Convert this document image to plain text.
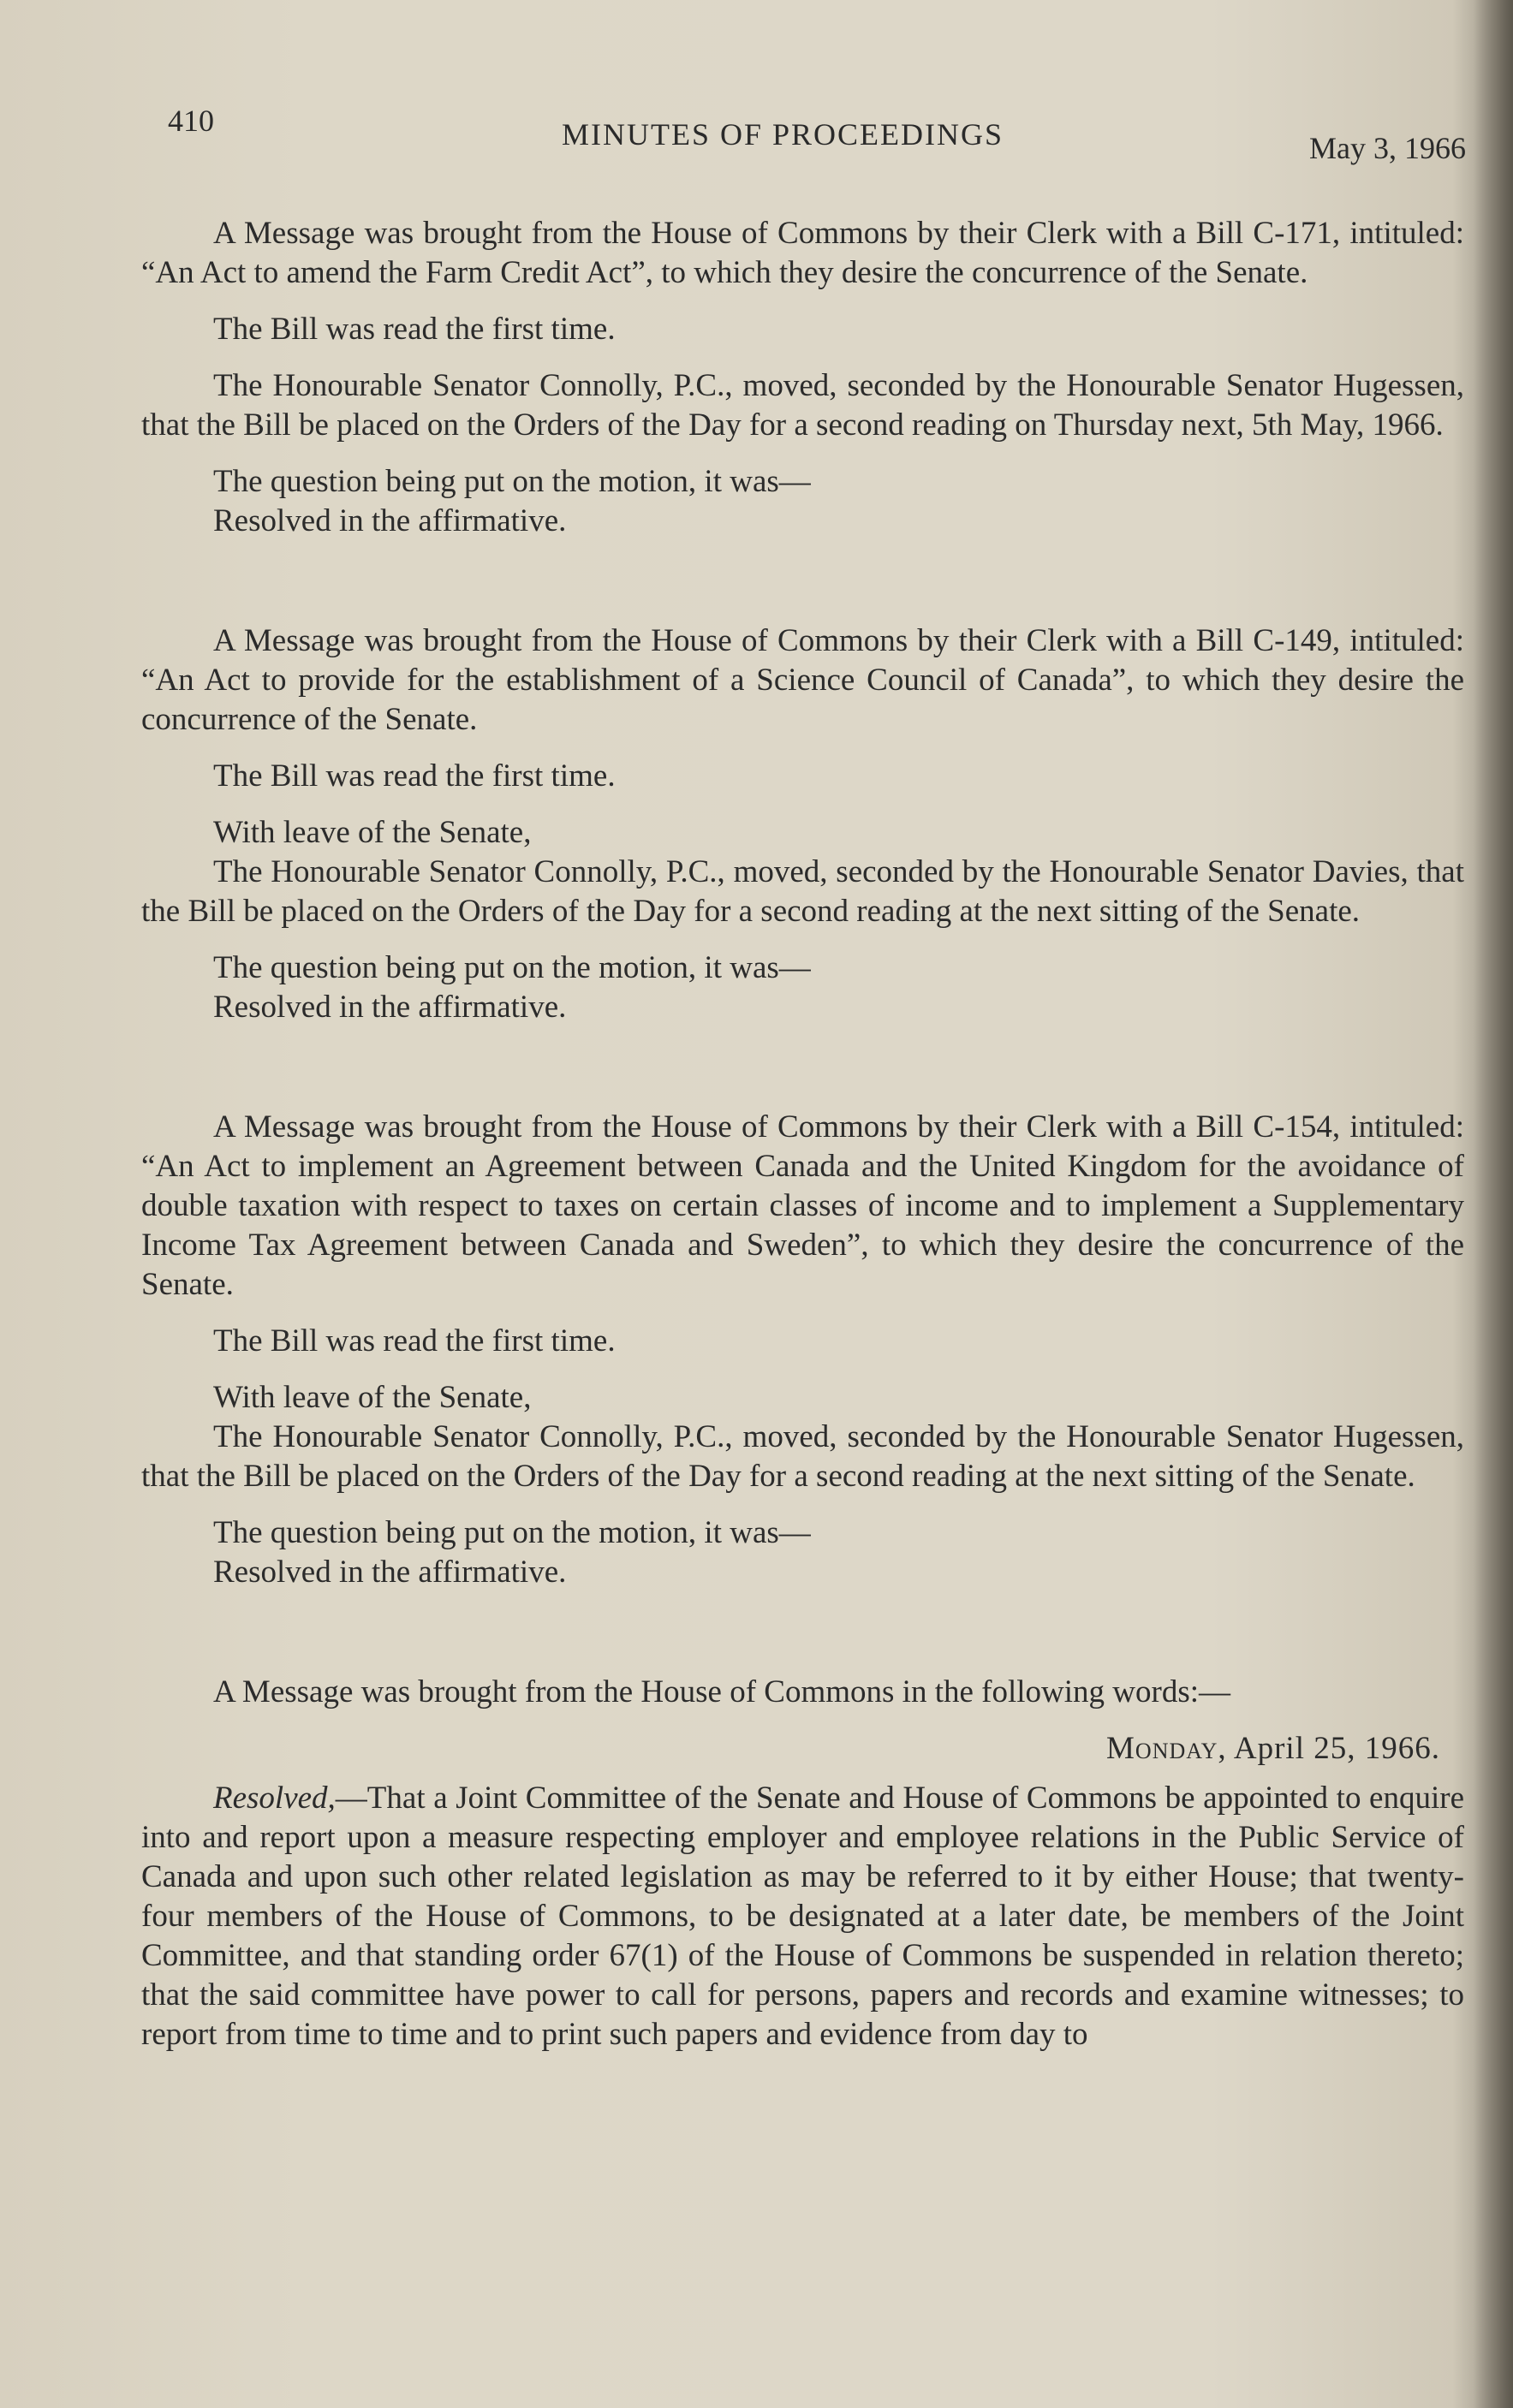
410	MINUTES OF PROCEEDINGS	May 3, 1966

A Message was brought from the House of Commons by their Clerk with a Bill C-171, intituled: “An Act to amend the Farm Credit Act”, to which they desire the concurrence of the Senate.

The Bill was read the first time.

The Honourable Senator Connolly, P.C., moved, seconded by the Honourable Senator Hugessen, that the Bill be placed on the Orders of the Day for a second reading on Thursday next, 5th May, 1966.

The question being put on the motion, it was—

Resolved in the affirmative.

A Message was brought from the House of Commons by their Clerk with a Bill C-149, intituled: “An Act to provide for the establishment of a Science Council of Canada”, to which they desire the concurrence of the Senate.

The Bill was read the first time.

With leave of the Senate,

The Honourable Senator Connolly, P.C., moved, seconded by the Honourable Senator Davies, that the Bill be placed on the Orders of the Day for a second reading at the next sitting of the Senate.

The question being put on the motion, it was—

Resolved in the affirmative.

A Message was brought from the House of Commons by their Clerk with a Bill C-154, intituled: “An Act to implement an Agreement between Canada and the United Kingdom for the avoidance of double taxation with respect to taxes on certain classes of income and to implement a Supplementary Income Tax Agreement between Canada and Sweden”, to which they desire the concurrence of the Senate.

The Bill was read the first time.

With leave of the Senate,

The Honourable Senator Connolly, P.C., moved, seconded by the Honourable Senator Hugessen, that the Bill be placed on the Orders of the Day for a second reading at the next sitting of the Senate.

The question being put on the motion, it was—

Resolved in the affirmative.

A Message was brought from the House of Commons in the following words:—

Monday, April 25, 1966.

Resolved,—That a Joint Committee of the Senate and House of Commons be appointed to enquire into and report upon a measure respecting employer and employee relations in the Public Service of Canada and upon such other related legislation as may be referred to it by either House; that twenty-four members of the House of Commons, to be designated at a later date, be members of the Joint Committee, and that standing order 67(1) of the House of Commons be suspended in relation thereto; that the said committee have power to call for persons, papers and records and examine witnesses; to report from time to time and to print such papers and evidence from day to
